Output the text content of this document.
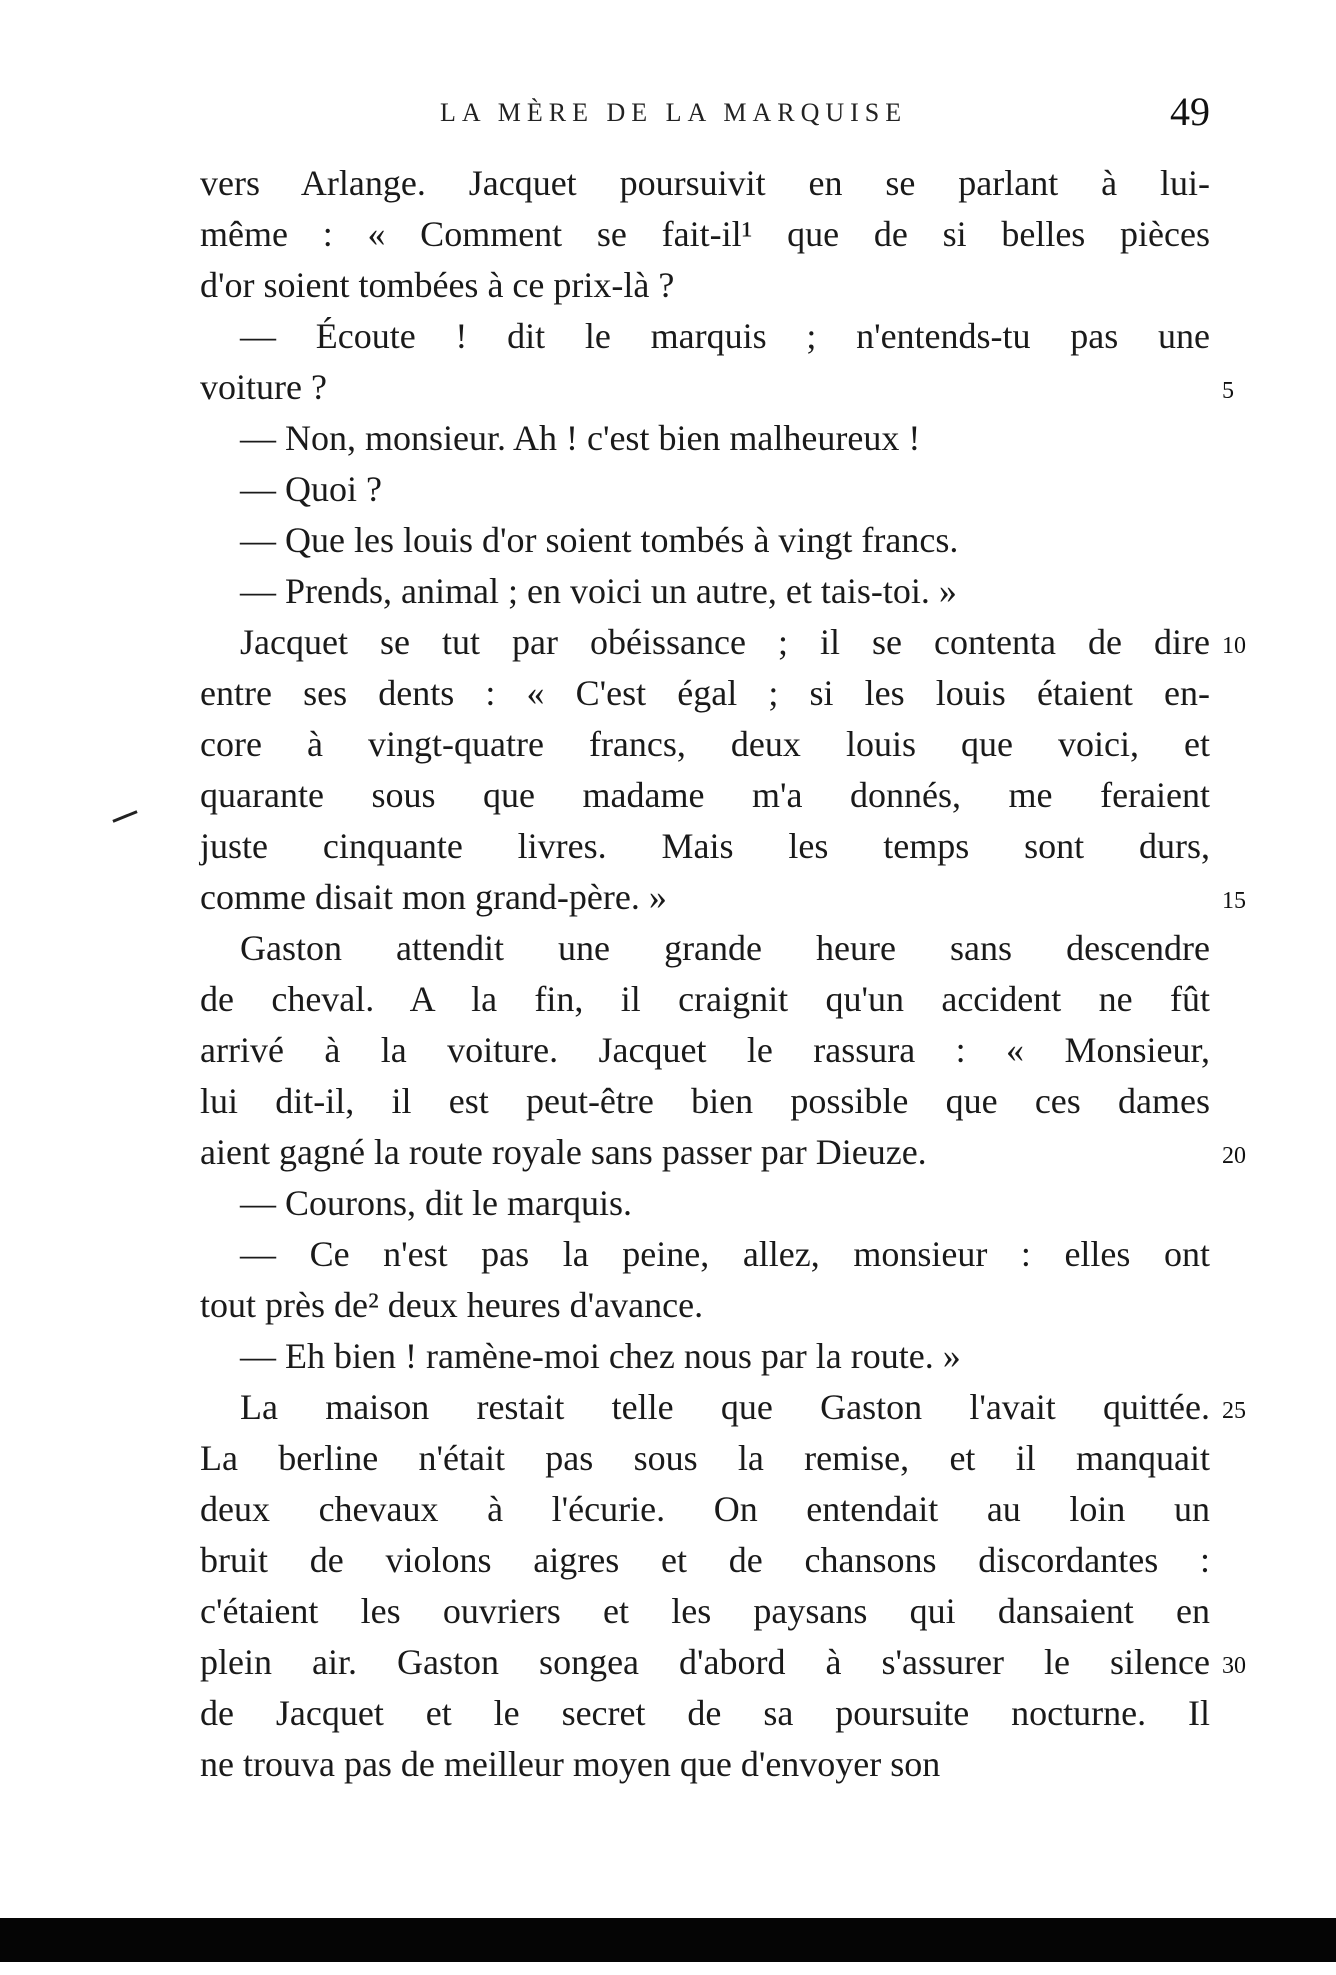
LA MÈRE DE LA MARQUISE	49
vers Arlange. Jacquet poursuivit en se parlant à lui-
même : « Comment se fait-il¹ que de si belles pièces
d'or soient tombées à ce prix-là ?
— Écoute ! dit le marquis ; n'entends-tu pas une
voiture ?	5
— Non, monsieur. Ah ! c'est bien malheureux !
— Quoi ?
— Que les louis d'or soient tombés à vingt francs.
— Prends, animal ; en voici un autre, et tais-toi. »
Jacquet se tut par obéissance ; il se contenta de dire 10
entre ses dents : « C'est égal ; si les louis étaient en-
core à vingt-quatre francs, deux louis que voici, et
quarante sous que madame m'a donnés, me feraient
juste cinquante livres. Mais les temps sont durs,
comme disait mon grand-père. »	15
Gaston attendit une grande heure sans descendre
de cheval. A la fin, il craignit qu'un accident ne fût
arrivé à la voiture. Jacquet le rassura : « Monsieur,
lui dit-il, il est peut-être bien possible que ces dames
aient gagné la route royale sans passer par Dieuze.	20
— Courons, dit le marquis.
— Ce n'est pas la peine, allez, monsieur : elles ont
tout près de² deux heures d'avance.
— Eh bien ! ramène-moi chez nous par la route. »
La maison restait telle que Gaston l'avait quittée. 25
La berline n'était pas sous la remise, et il manquait
deux chevaux à l'écurie. On entendait au loin un
bruit de violons aigres et de chansons discordantes :
c'étaient les ouvriers et les paysans qui dansaient en
plein air. Gaston songea d'abord à s'assurer le silence 30
de Jacquet et le secret de sa poursuite nocturne. Il
ne trouva pas de meilleur moyen que d'envoyer son
